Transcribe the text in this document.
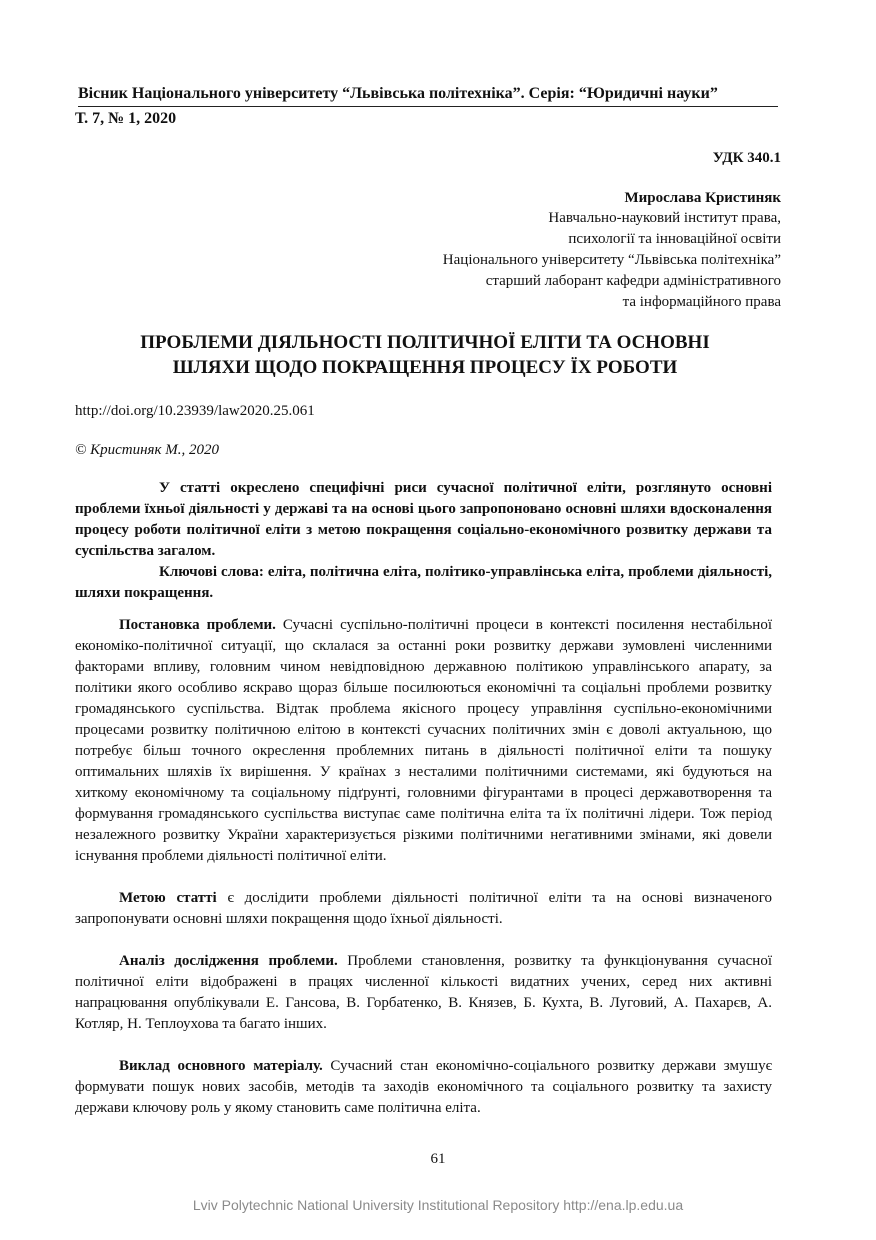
Вісник Національного університету “Львівська політехніка”. Серія: “Юридичні науки”
Т. 7, № 1, 2020
УДК 340.1
Мирослава Кристиняк
Навчально-науковий інститут права,
психології та інноваційної освіти
Національного університету “Львівська політехніка”
старший лаборант кафедри адміністративного
та інформаційного права
ПРОБЛЕМИ ДІЯЛЬНОСТІ ПОЛІТИЧНОЇ ЕЛІТИ ТА ОСНОВНІ
ШЛЯХИ ЩОДО ПОКРАЩЕННЯ ПРОЦЕСУ ЇХ РОБОТИ
http://doi.org/10.23939/law2020.25.061
© Кристиняк М., 2020

У статті окреслено специфічні риси сучасної політичної еліти, розглянуто основні проблеми їхньої діяльності у державі та на основі цього запропоновано основні шляхи вдосконалення процесу роботи політичної еліти з метою покращення соціально-економічного розвитку держави та суспільства загалом.

Ключові слова: еліта, політична еліта, політико-управлінська еліта, проблеми діяльності, шляхи покращення.

Постановка проблеми. Сучасні суспільно-політичні процеси в контексті посилення нестабільної економіко-політичної ситуації, що склалася за останні роки розвитку держави зумовлені численними факторами впливу, головним чином невідповідною державною політикою управлінського апарату, за політики якого особливо яскраво щораз більше посилюються економічні та соціальні проблеми розвитку громадянського суспільства. Відтак проблема якісного процесу управління суспільно-економічними процесами розвитку політичною елітою в контексті сучасних політичних змін є доволі актуальною, що потребує більш точного окреслення проблемних питань в діяльності політичної еліти та пошуку оптимальних шляхів їх вирішення. У країнах з несталими політичними системами, які будуються на хиткому економічному та соціальному підґрунті, головними фігурантами в процесі державотворення та формування громадянського суспільства виступає саме політична еліта та їх політичні лідери. Тож період незалежного розвитку України характеризується різкими політичними негативними змінами, які довели існування проблеми діяльності політичної еліти.

Метою статті є дослідити проблеми діяльності політичної еліти та на основі визначеного запропонувати основні шляхи покращення щодо їхньої діяльності.

Аналіз дослідження проблеми. Проблеми становлення, розвитку та функціонування сучасної політичної еліти відображені в працях численної кількості видатних учених, серед них активні напрацювання опублікували Е. Гансова, В. Горбатенко, В. Князев, Б. Кухта, В. Луговий, А. Пахарєв, А. Котляр, Н. Теплоухова та багато інших.

Виклад основного матеріалу. Сучасний стан економічно-соціального розвитку держави змушує формувати пошук нових засобів, методів та заходів економічного та соціального розвитку та захисту держави ключову роль у якому становить саме політична еліта.

61
Lviv Polytechnic National University Institutional Repository http://ena.lp.edu.ua
